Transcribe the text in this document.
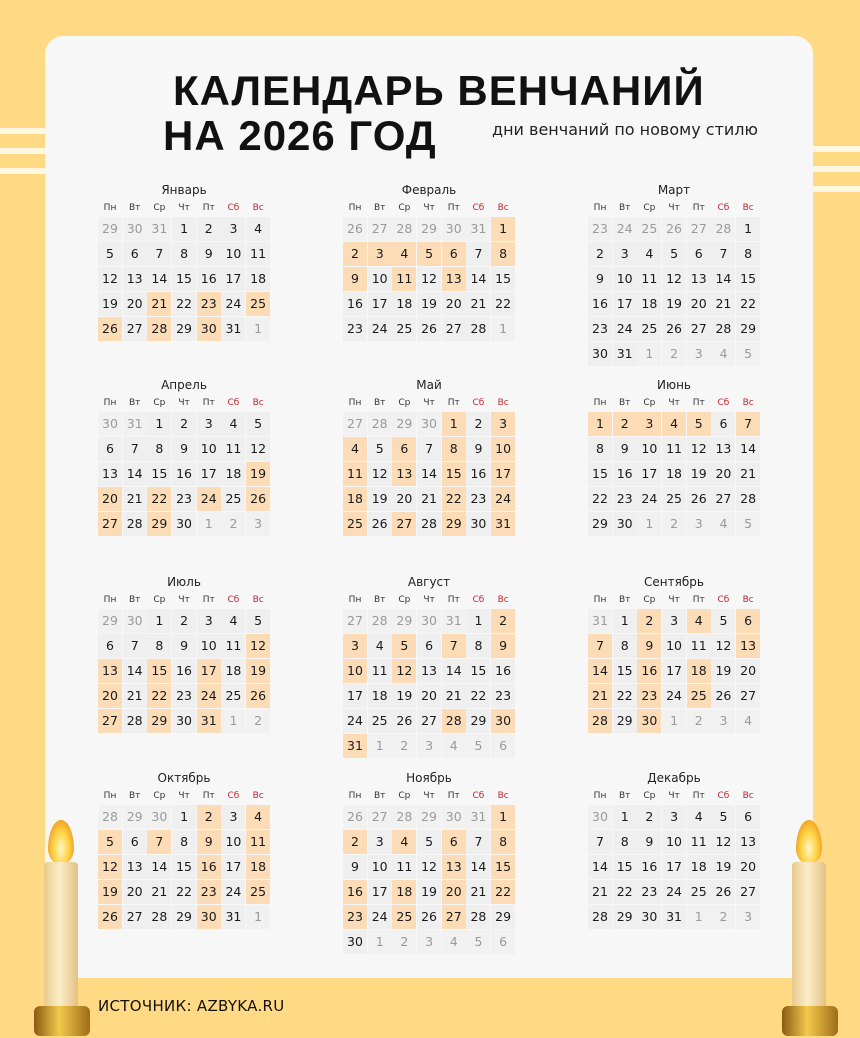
КАЛЕНДАРЬ ВЕНЧАНИЙ
НА 2026 ГОД	дни венчаний по новому стилю
Январь
Пн	Вт	Ср	Чт	Пт	Сб	Вс
29 30 31	1	2	3	4
5	6	7	8	9	10 11
12 13 14 15 16 17 18
19 20 21 22 23 24 25
26 27 28 29 30 31	1
Февраль
Пн	Вт	Ср	Чт	Пт	Сб	Вс
26 27 28 29 30 31	1
2	3	4	5	6	7	8
9	10 11 12 13 14 15
16 17 18 19 20 21 22
23 24 25 26 27 28	1
Март
Пн	Вт	Ср	Чт	Пт	Сб	Вс
23 24 25 26 27 28	1
2	3	4	5	6	7	8
9	10 11 12 13 14 15
16 17 18 19 20 21 22
23 24 25 26 27 28 29
30 31	1	2	3	4	5
Апрель
Пн	Вт	Ср	Чт	Пт	Сб	Вс
30 31	1	2	3	4	5
6	7	8	9	10 11 12
13 14 15 16 17 18 19
20 21 22 23 24 25 26
27 28 29 30	1	2	3
Май
Пн	Вт	Ср	Чт	Пт	Сб	Вс
27 28 29 30	1	2	3
4	5	6	7	8	9	10
11 12 13 14 15 16 17
18 19 20 21 22 23 24
25 26 27 28 29 30 31
Июнь
Пн	Вт	Ср	Чт	Пт	Сб	Вс
1	2	3	4	5	6	7
8	9	10 11 12 13 14
15 16 17 18 19 20 21
22 23 24 25 26 27 28
29 30	1	2	3	4	5
Июль
Пн	Вт	Ср	Чт	Пт	Сб	Вс
29 30	1	2	3	4	5
6	7	8	9	10 11 12
13 14 15 16 17 18 19
20 21 22 23 24 25 26
27 28 29 30 31	1	2
Август
Пн	Вт	Ср	Чт	Пт	Сб	Вс
27 28 29 30 31	1	2
3	4	5	6	7	8	9
10 11 12 13 14 15 16
17 18 19 20 21 22 23
24 25 26 27 28 29 30
31	1	2	3	4	5	6
Сентябрь
Пн	Вт	Ср	Чт	Пт	Сб	Вс
31	1	2	3	4	5	6
7	8	9	10 11 12 13
14 15 16 17 18 19 20
21 22 23 24 25 26 27
28 29 30	1	2	3	4
Октябрь
Пн	Вт	Ср	Чт	Пт	Сб	Вс
28 29 30	1	2	3	4
5	6	7	8	9	10 11
12 13 14 15 16 17 18
19 20 21 22 23 24 25
26 27 28 29 30 31	1
Ноябрь
Пн	Вт	Ср	Чт	Пт	Сб	Вс
26 27 28 29 30 31	1
2	3	4	5	6	7	8
9	10 11 12 13 14 15
16 17 18 19 20 21 22
23 24 25 26 27 28 29
30	1	2	3	4	5	6
Декабрь
Пн	Вт	Ср	Чт	Пт	Сб	Вс
30	1	2	3	4	5	6
7	8	9	10 11 12 13
14 15 16 17 18 19 20
21 22 23 24 25 26 27
28 29 30 31	1	2	3
ИСТОЧНИК: AZBYKA.RU
